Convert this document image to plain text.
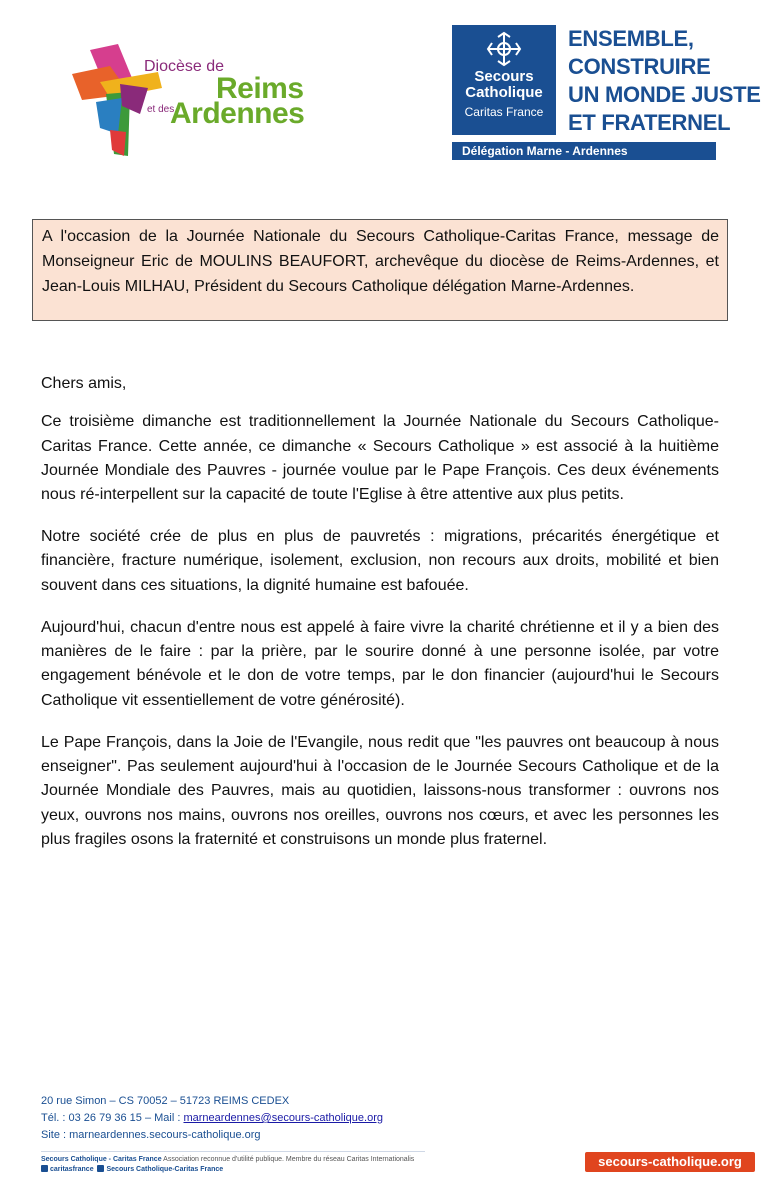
Diocèse de
Reims
et des
Ardennes
Secours
Catholique
Caritas France
ENSEMBLE,
CONSTRUIRE
UN MONDE JUSTE
ET FRATERNEL
Délégation Marne - Ardennes
A l'occasion de la Journée Nationale du Secours Catholique-Caritas France, message de Monseigneur Eric de MOULINS BEAUFORT, archevêque du diocèse de Reims-Ardennes, et Jean-Louis MILHAU, Président du Secours Catholique délégation Marne-Ardennes.

Chers amis,

Ce troisième dimanche est traditionnellement la Journée Nationale du Secours Catholique-Caritas France. Cette année, ce dimanche « Secours Catholique » est associé à la huitième Journée Mondiale des Pauvres - journée voulue par le Pape François. Ces deux événements nous ré-interpellent sur la capacité de toute l'Eglise à être attentive aux plus petits.

Notre société crée de plus en plus de pauvretés : migrations, précarités énergétique et financière, fracture numérique, isolement, exclusion, non recours aux droits, mobilité et bien souvent dans ces situations, la dignité humaine est bafouée.

Aujourd'hui, chacun d'entre nous est appelé à faire vivre la charité chrétienne et il y a bien des manières de le faire : par la prière, par le sourire donné à une personne isolée, par votre engagement bénévole et le don de votre temps, par le don financier (aujourd'hui le Secours Catholique vit essentiellement de votre générosité).

Le Pape François, dans la Joie de l'Evangile, nous redit que "les pauvres ont beaucoup à nous enseigner". Pas seulement aujourd'hui à l'occasion de le Journée Secours Catholique et de la Journée Mondiale des Pauvres, mais au quotidien, laissons-nous transformer : ouvrons nos yeux, ouvrons nos mains, ouvrons nos oreilles, ouvrons nos cœurs, et avec les personnes les plus fragiles osons la fraternité et construisons un monde plus fraternel.

20 rue Simon – CS 70052 – 51723 REIMS CEDEX
Tél. : 03 26 79 36 15 – Mail : marneardennes@secours-catholique.org
Site : marneardennes.secours-catholique.org
Secours Catholique - Caritas France Association reconnue d'utilité publique. Membre du réseau Caritas Internationalis
caritasfrance Secours Catholique-Caritas France
secours-catholique.org
